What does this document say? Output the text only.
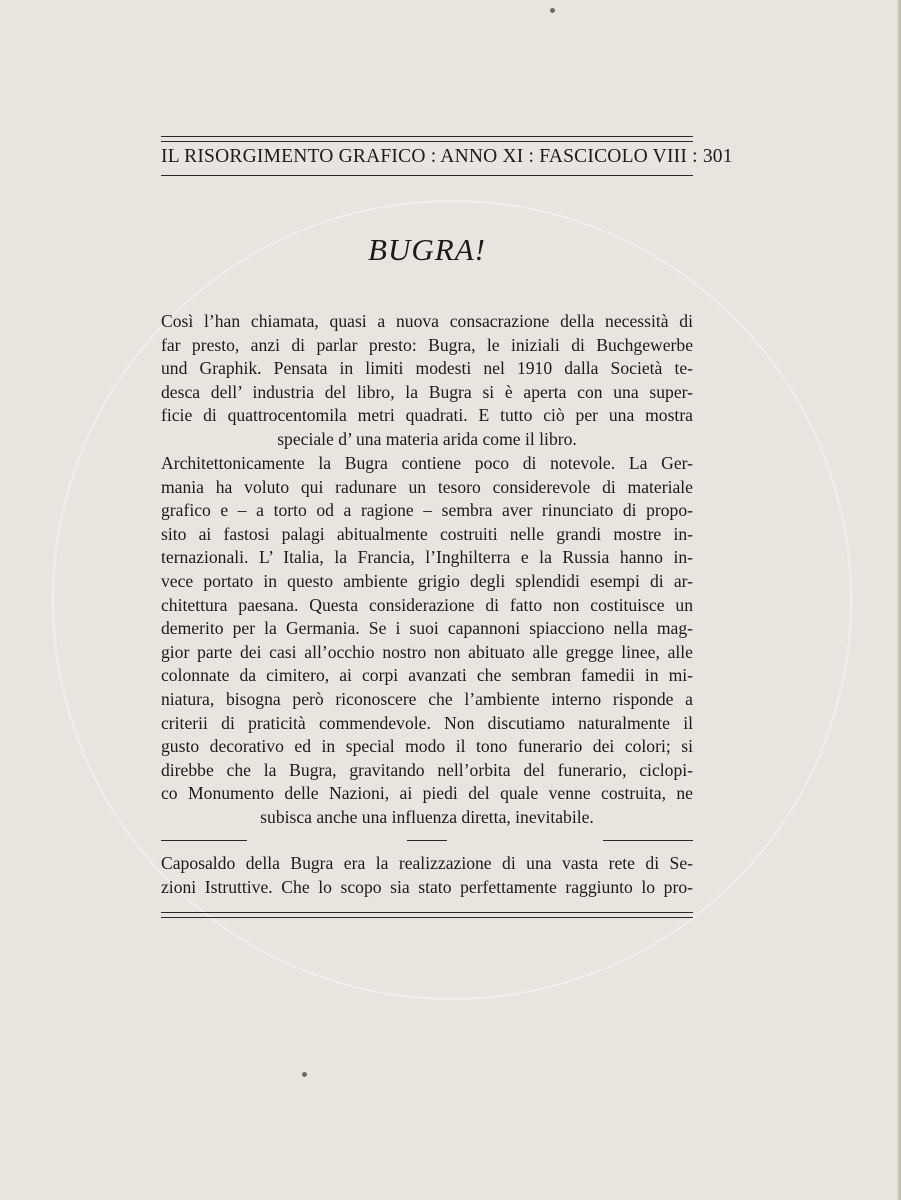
IL RISORGIMENTO GRAFICO : ANNO XI : FASCICOLO VIII : 301
BUGRA!
Così l’han chiamata, quasi a nuova consacrazione della necessità di
far presto, anzi di parlar presto: Bugra, le iniziali di Buchgewerbe
und Graphik. Pensata in limiti modesti nel 1910 dalla Società te-
desca dell’ industria del libro, la Bugra si è aperta con una super-
ficie di quattrocentomila metri quadrati. E tutto ciò per una mostra
speciale d’ una materia arida come il libro.
Architettonicamente la Bugra contiene poco di notevole. La Ger-
mania ha voluto qui radunare un tesoro considerevole di materiale
grafico e – a torto od a ragione – sembra aver rinunciato di propo-
sito ai fastosi palagi abitualmente costruiti nelle grandi mostre in-
ternazionali. L’ Italia, la Francia, l’Inghilterra e la Russia hanno in-
vece portato in questo ambiente grigio degli splendidi esempi di ar-
chitettura paesana. Questa considerazione di fatto non costituisce un
demerito per la Germania. Se i suoi capannoni spiacciono nella mag-
gior parte dei casi all’occhio nostro non abituato alle gregge linee, alle
colonnate da cimitero, ai corpi avanzati che sembran famedii in mi-
niatura, bisogna però riconoscere che l’ambiente interno risponde a
criterii di praticità commendevole. Non discutiamo naturalmente il
gusto decorativo ed in special modo il tono funerario dei colori; si
direbbe che la Bugra, gravitando nell’orbita del funerario, ciclopi-
co Monumento delle Nazioni, ai piedi del quale venne costruita, ne
subisca anche una influenza diretta, inevitabile.
Caposaldo della Bugra era la realizzazione di una vasta rete di Se-
zioni Istruttive. Che lo scopo sia stato perfettamente raggiunto lo pro-
